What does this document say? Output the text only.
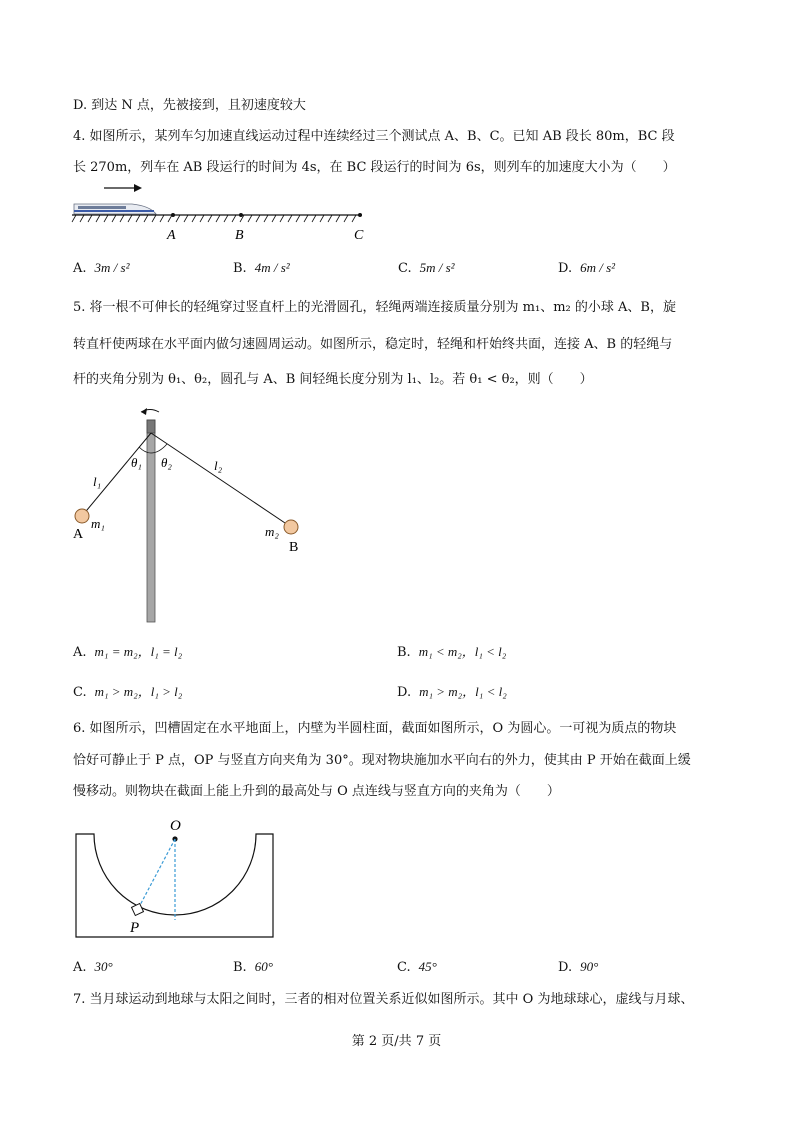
D. 到达 N 点，先被接到，且初速度较大
4. 如图所示，某列车匀加速直线运动过程中连续经过三个测试点 A、B、C。已知 AB 段长 80m，BC 段
长 270m，列车在 AB 段运行的时间为 4s，在 BC 段运行的时间为 6s，则列车的加速度大小为（　　）
A	B	C
A. 3m / s²	B. 4m / s²	C. 5m / s²	D. 6m / s²
5. 将一根不可伸长的轻绳穿过竖直杆上的光滑圆孔，轻绳两端连接质量分别为 m₁、m₂ 的小球 A、B，旋
转直杆使两球在水平面内做匀速圆周运动。如图所示，稳定时，轻绳和杆始终共面，连接 A、B 的轻绳与
杆的夹角分别为 θ₁、θ₂，圆孔与 A、B 间轻绳长度分别为 l₁、l₂。若 θ₁ < θ₂，则（　　）
l₁
l₂
θ₁ θ₂
m₁
A	m₂
B
A. m₁ = m₂，l₁ = l₂	B. m₁ < m₂，l₁ < l₂
C. m₁ > m₂，l₁ > l₂	D. m₁ > m₂，l₁ < l₂
6. 如图所示，凹槽固定在水平地面上，内壁为半圆柱面，截面如图所示，O 为圆心。一可视为质点的物块
恰好可静止于 P 点，OP 与竖直方向夹角为 30°。现对物块施加水平向右的外力，使其由 P 开始在截面上缓
慢移动。则物块在截面上能上升到的最高处与 O 点连线与竖直方向的夹角为（　　）
O
P
A. 30°	B. 60°	C. 45°	D. 90°
7. 当月球运动到地球与太阳之间时，三者的相对位置关系近似如图所示。其中 O 为地球球心，虚线与月球、
第 2 页/共 7 页
